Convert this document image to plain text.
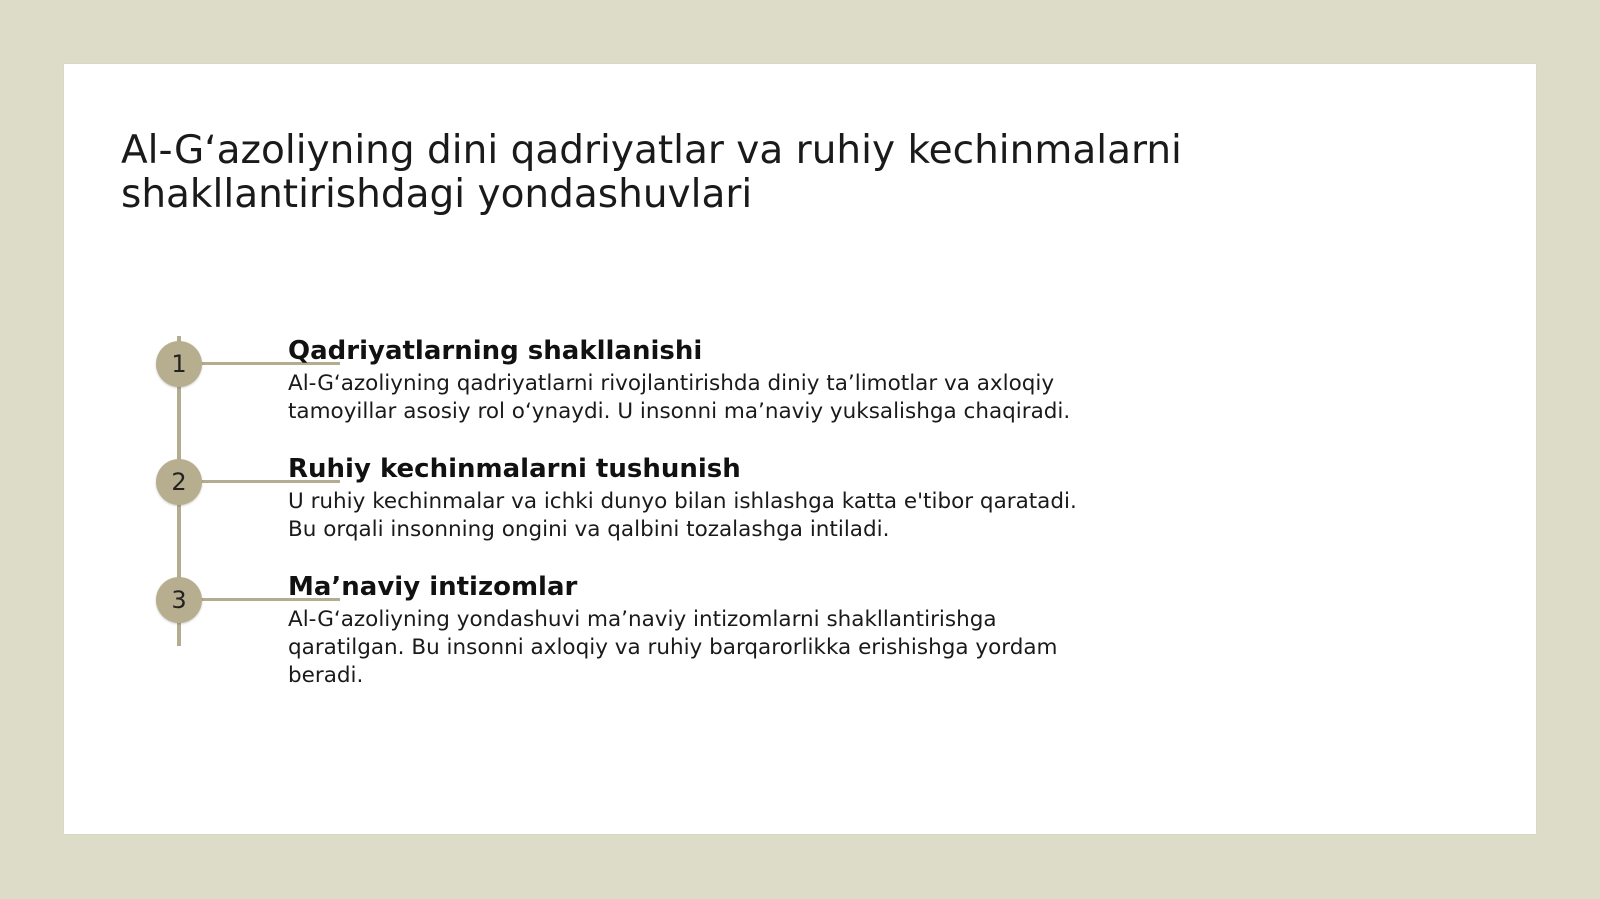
Al-G‘azoliyning dini qadriyatlar va ruhiy kechinmalarni shakllantirishdagi yondashuvlari
1	Qadriyatlarning shakllanishi

Al-G‘azoliyning qadriyatlarni rivojlantirishda diniy ta’limotlar va axloqiy tamoyillar asosiy rol o‘ynaydi. U insonni ma’naviy yuksalishga chaqiradi.

2	Ruhiy kechinmalarni tushunish

U ruhiy kechinmalar va ichki dunyo bilan ishlashga katta e'tibor qaratadi. Bu orqali insonning ongini va qalbini tozalashga intiladi.

3	Ma’naviy intizomlar

Al-G‘azoliyning yondashuvi ma’naviy intizomlarni shakllantirishga qaratilgan. Bu insonni axloqiy va ruhiy barqarorlikka erishishga yordam beradi.
